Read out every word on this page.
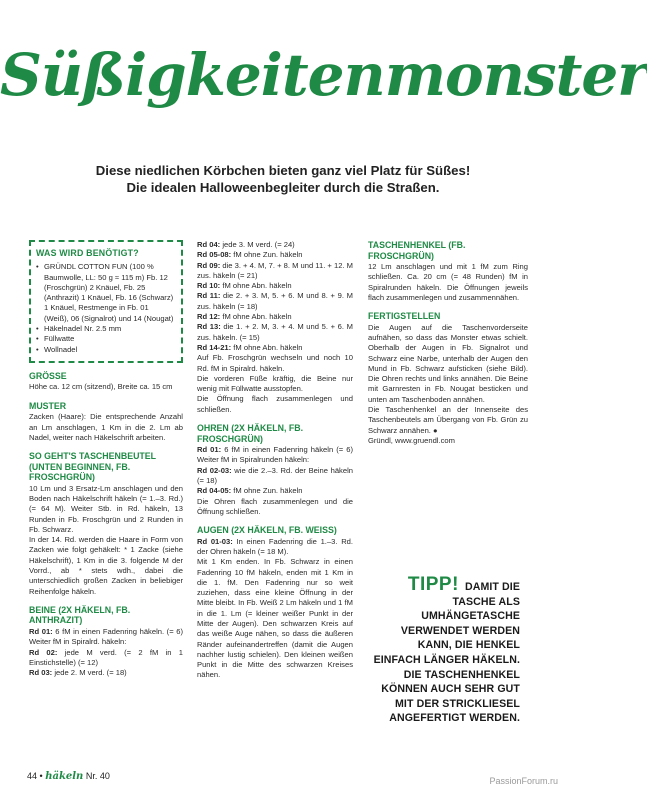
Süßigkeitenmonster
Diese niedlichen Körbchen bieten ganz viel Platz für Süßes!
Die idealen Halloweenbegleiter durch die Straßen.
WAS WIRD BENÖTIGT?
• GRÜNDL COTTON FUN (100 % Baumwolle, LL: 50 g ≈ 115 m) Fb. 12 (Froschgrün) 2 Knäuel, Fb. 25 (Anthrazit) 1 Knäuel, Fb. 16 (Schwarz) 1 Knäuel, Restmenge in Fb. 01 (Weiß), 06 (Signalrot) und 14 (Nougat)
• Häkelnadel Nr. 2.5 mm
• Füllwatte
• Wollnadel
GRÖSSE

Höhe ca. 12 cm (sitzend), Breite ca. 15 cm

MUSTER

Zacken (Haare): Die entsprechende Anzahl an Lm anschlagen, 1 Km in die 2. Lm ab Nadel, weiter nach Häkelschrift arbeiten.

SO GEHT'S TASCHENBEUTEL (UNTEN BEGINNEN, FB. FROSCHGRÜN)

10 Lm und 3 Ersatz-Lm anschlagen und den Boden nach Häkelschrift häkeln (= 1.–3. Rd.) (= 64 M). Weiter Stb. in Rd. häkeln, 13 Runden in Fb. Froschgrün und 2 Runden in Fb. Schwarz.

In der 14. Rd. werden die Haare in Form von Zacken wie folgt gehäkelt: * 1 Zacke (siehe Häkelschrift), 1 Km in die 3. folgende M der Vorrd., ab * stets wdh., dabei die unterschiedlich großen Zacken in beliebiger Reihenfolge häkeln.

BEINE (2X HÄKELN, FB. ANTHRAZIT)

Rd 01: 6 fM in einen Fadenring häkeln. (= 6) Weiter fM in Spiralrd. häkeln:

Rd 02: jede M verd. (= 2 fM in 1 Einstichstelle) (= 12)

Rd 03: jede 2. M verd. (= 18)

Rd 04: jede 3. M verd. (= 24)

Rd 05-08: fM ohne Zun. häkeln

Rd 09: die 3. + 4. M, 7. + 8. M und 11. + 12. M zus. häkeln (= 21)

Rd 10: fM ohne Abn. häkeln

Rd 11: die 2. + 3. M, 5. + 6. M und 8. + 9. M zus. häkeln (= 18)

Rd 12: fM ohne Abn. häkeln

Rd 13: die 1. + 2. M, 3. + 4. M und 5. + 6. M zus. häkeln. (= 15)

Rd 14-21: fM ohne Abn. häkeln

Auf Fb. Froschgrün wechseln und noch 10 Rd. fM in Spiralrd. häkeln.

Die vorderen Füße kräftig, die Beine nur wenig mit Füllwatte ausstopfen.

Die Öffnung flach zusammenlegen und schließen.

OHREN (2X HÄKELN, FB. FROSCHGRÜN)

Rd 01: 6 fM in einen Fadenring häkeln (= 6) Weiter fM in Spiralrunden häkeln:

Rd 02-03: wie die 2.–3. Rd. der Beine häkeln (= 18)

Rd 04-05: fM ohne Zun. häkeln

Die Ohren flach zusammenlegen und die Öffnung schließen.

AUGEN (2X HÄKELN, FB. WEISS)

Rd 01-03: In einen Fadenring die 1.–3. Rd. der Ohren häkeln (= 18 M).

Mit 1 Km enden. In Fb. Schwarz in einen Fadenring 10 fM häkeln, enden mit 1 Km in die 1. fM. Den Fadenring nur so weit zuziehen, dass eine kleine Öffnung in der Mitte bleibt. In Fb. Weiß 2 Lm häkeln und 1 fM in die 1. Lm (= kleiner weißer Punkt in der Mitte der Augen). Den schwarzen Kreis auf das weiße Auge nähen, so dass die äußeren Ränder aufeinandertreffen (damit die Augen nachher lustig schielen). Den kleinen weißen Punkt in die Mitte des schwarzen Kreises nähen.

TASCHENHENKEL (FB. FROSCHGRÜN)

12 Lm anschlagen und mit 1 fM zum Ring schließen. Ca. 20 cm (= 48 Runden) fM in Spiralrunden häkeln. Die Öffnungen jeweils flach zusammenlegen und zusammennähen.

FERTIGSTELLEN

Die Augen auf die Taschenvorderseite aufnähen, so dass das Monster etwas schielt. Oberhalb der Augen in Fb. Signalrot und Schwarz eine Narbe, unterhalb der Augen den Mund in Fb. Schwarz aufsticken (siehe Bild). Die Ohren rechts und links annähen. Die Beine mit Garnresten in Fb. Nougat besticken und unten am Taschenboden annähen.

Die Taschenhenkel an der Innenseite des Taschenbeutels am Übergang von Fb. Grün zu Schwarz annähen. ●

Gründl, www.gruendl.com

TIPP! DAMIT DIE TASCHE ALS UMHÄNGETASCHE VERWENDET WERDEN KANN, DIE HENKEL EINFACH LÄNGER HÄKELN. DIE TASCHENHENKEL KÖNNEN AUCH SEHR GUT MIT DER STRICKLIESEL ANGEFERTIGT WERDEN.
44 • häkeln Nr. 40	PassionForum.ru
